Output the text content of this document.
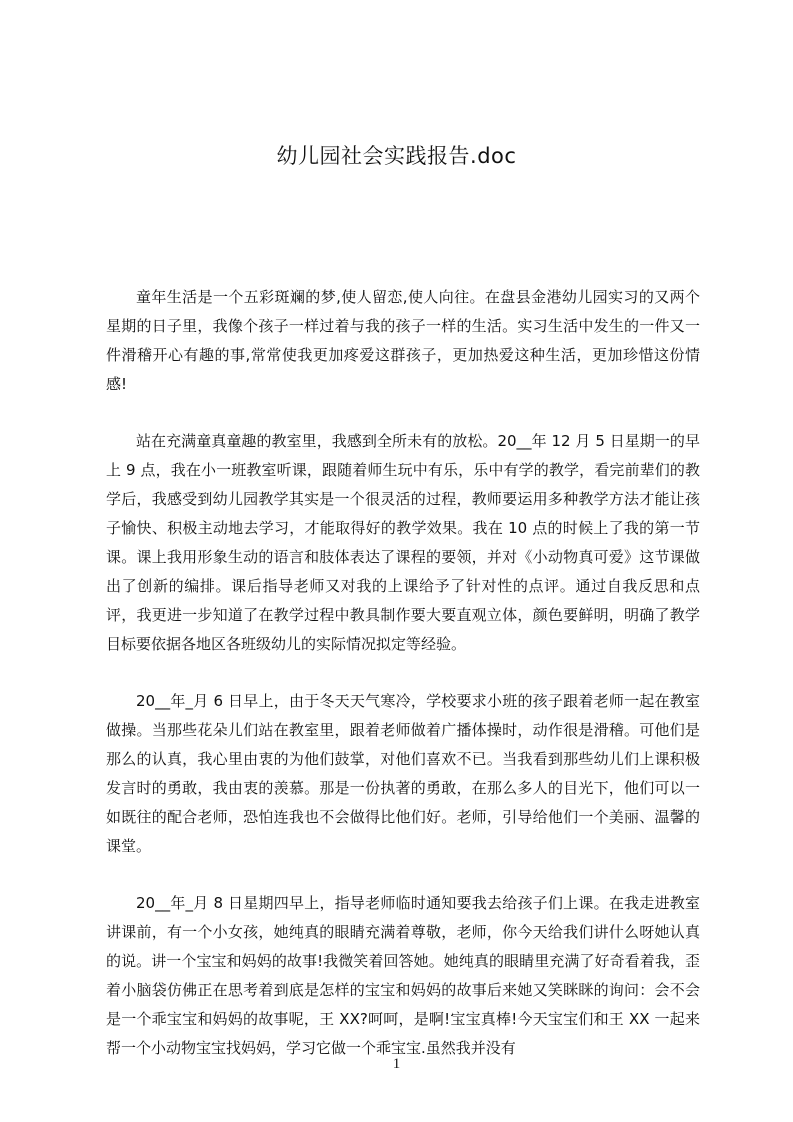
幼儿园社会实践报告.doc

童年生活是一个五彩斑斓的梦,使人留恋,使人向往。在盘县金港幼儿园实习的又两个星期的日子里，我像个孩子一样过着与我的孩子一样的生活。实习生活中发生的一件又一件滑稽开心有趣的事,常常使我更加疼爱这群孩子，更加热爱这种生活，更加珍惜这份情感!

站在充满童真童趣的教室里，我感到全所未有的放松。20__年 12 月 5 日星期一的早上 9 点，我在小一班教室听课，跟随着师生玩中有乐，乐中有学的教学，看完前辈们的教学后，我感受到幼儿园教学其实是一个很灵活的过程，教师要运用多种教学方法才能让孩子愉快、积极主动地去学习，才能取得好的教学效果。我在 10 点的时候上了我的第一节课。课上我用形象生动的语言和肢体表达了课程的要领，并对《小动物真可爱》这节课做出了创新的编排。课后指导老师又对我的上课给予了针对性的点评。通过自我反思和点评，我更进一步知道了在教学过程中教具制作要大要直观立体，颜色要鲜明，明确了教学目标要依据各地区各班级幼儿的实际情况拟定等经验。

20__年_月 6 日早上，由于冬天天气寒冷，学校要求小班的孩子跟着老师一起在教室做操。当那些花朵儿们站在教室里，跟着老师做着广播体操时，动作很是滑稽。可他们是那么的认真，我心里由衷的为他们鼓掌，对他们喜欢不已。当我看到那些幼儿们上课积极发言时的勇敢，我由衷的羡慕。那是一份执著的勇敢，在那么多人的目光下，他们可以一如既往的配合老师，恐怕连我也不会做得比他们好。老师，引导给他们一个美丽、温馨的课堂。

20__年_月 8 日星期四早上，指导老师临时通知要我去给孩子们上课。在我走进教室讲课前，有一个小女孩，她纯真的眼睛充满着尊敬，老师，你今天给我们讲什么呀她认真的说。讲一个宝宝和妈妈的故事!我微笑着回答她。她纯真的眼睛里充满了好奇看着我，歪着小脑袋仿佛正在思考着到底是怎样的宝宝和妈妈的故事后来她又笑眯眯的询问：会不会是一个乖宝宝和妈妈的故事呢，王 XX?呵呵，是啊!宝宝真棒!今天宝宝们和王 XX 一起来帮一个小动物宝宝找妈妈，学习它做一个乖宝宝.虽然我并没有

1
